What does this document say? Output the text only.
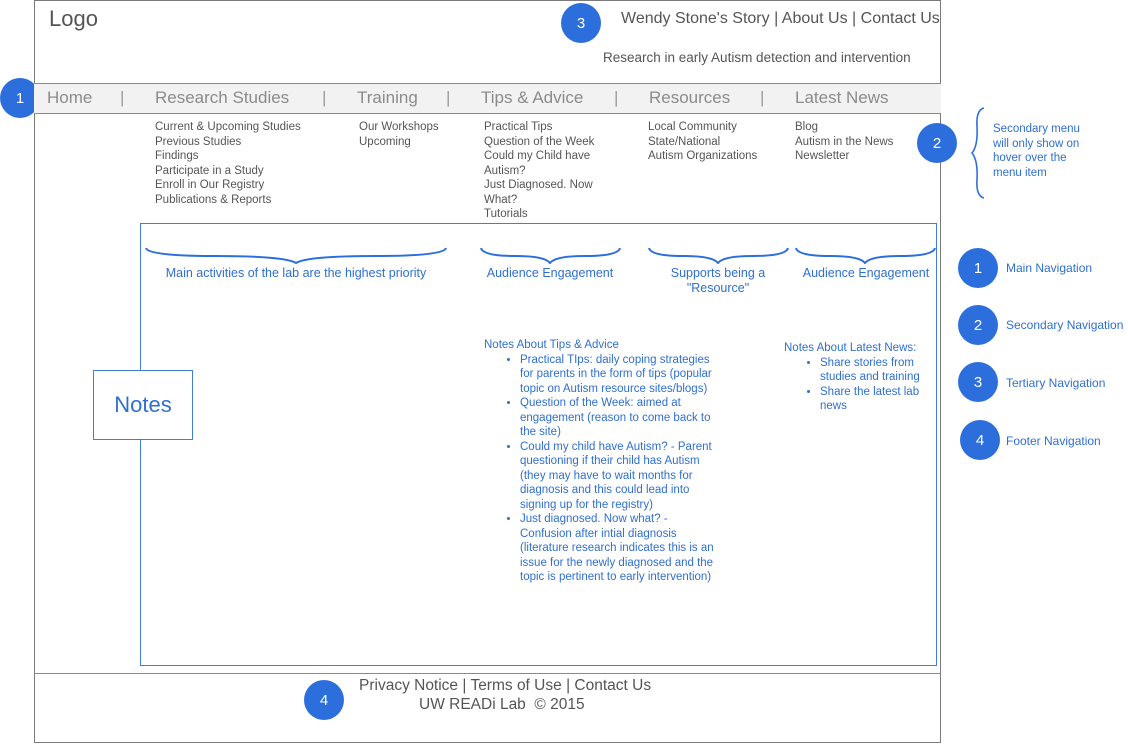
Logo	3	Wendy Stone's Story | About Us | Contact Us
Research in early Autism detection and intervention
1	Home | Research Studies | Training | Tips & Advice | Resources | Latest News
Current & Upcoming Studies
Previous Studies
Findings
Participate in a Study
Enroll in Our Registry
Publications & Reports
Our Workshops
Upcoming
Practical Tips
Question of the Week
Could my Child have
Autism?
Just Diagnosed. Now
What?
Tutorials
Local Community
State/National
Autism Organizations
Blog
Autism in the News
Newsletter
Secondary menu
will only show on
hover over the
menu item
2
Main activities of the lab are the highest priority	Audience Engagement	Supports being a "Resource"
Audience Engagement
Notes
Notes About Tips & Advice
• Practical TIps: daily coping strategies for parents in the form of tips (popular topic on Autism resource sites/blogs)
• Question of the Week: aimed at engagement (reason to come back to the site)
• Could my child have Autism? - Parent questioning if their child has Autism (they may have to wait months for diagnosis and this could lead into signing up for the registry)
• Just diagnosed. Now what? - Confusion after intial diagnosis (literature research indicates this is an issue for the newly diagnosed and the topic is pertinent to early intervention)
Notes About Latest News:
• Share stories from studies and training
• Share the latest lab news
4
Privacy Notice | Terms of Use | Contact Us
UW READi Lab  © 2015
1	Main Navigation
2	Secondary Navigation
3	Tertiary Navigation
4	Footer Navigation
